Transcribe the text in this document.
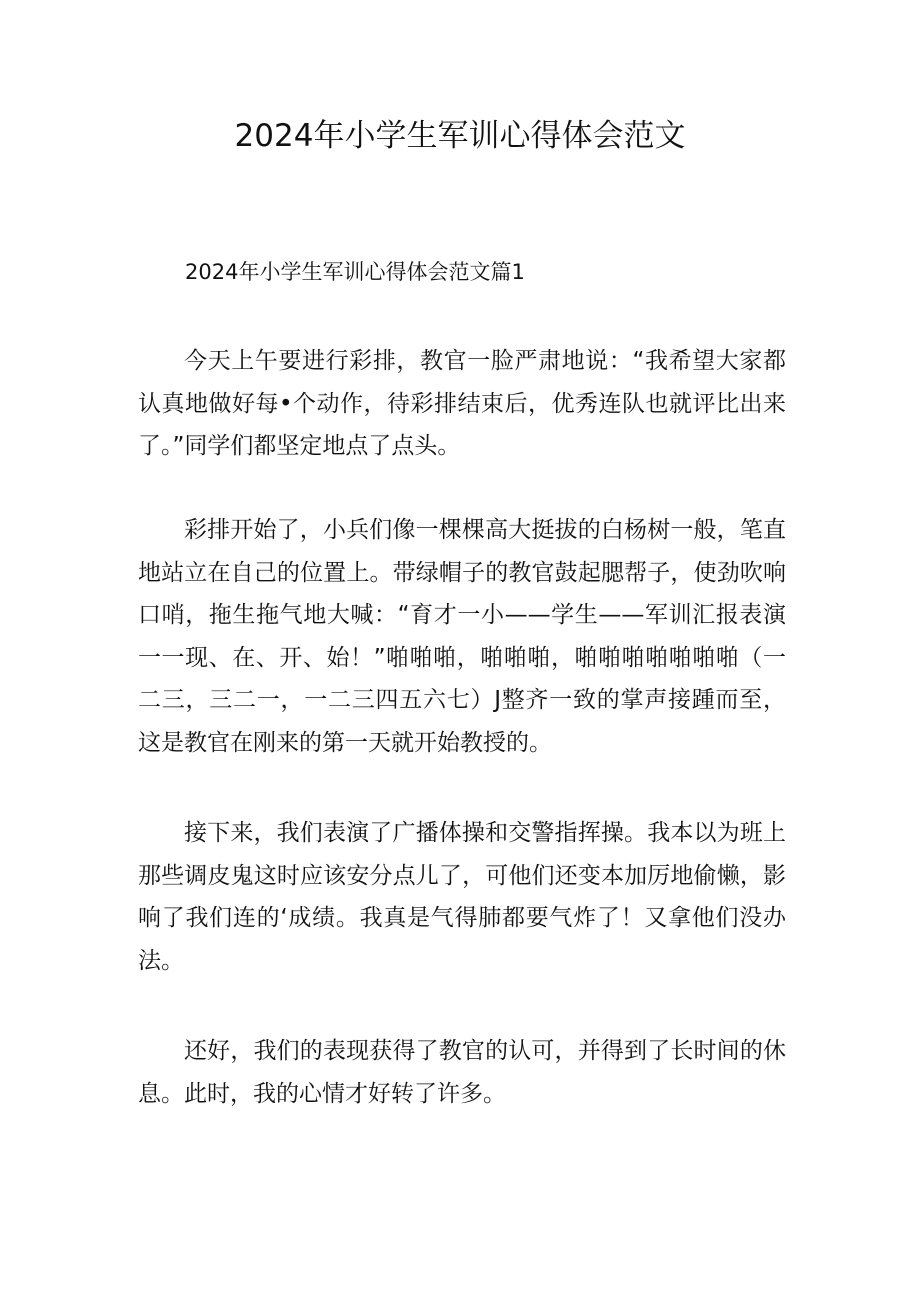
2024年小学生军训心得体会范文
2024年小学生军训心得体会范文篇1

今天上午要进行彩排，教官一脸严肃地说：“我希望大家都认真地做好每•个动作，待彩排结束后，优秀连队也就评比出来了。”同学们都坚定地点了点头。

彩排开始了，小兵们像一棵棵高大挺拔的白杨树一般，笔直地站立在自己的位置上。带绿帽子的教官鼓起腮帮子，使劲吹响口哨，拖生拖气地大喊：“育才一小——学生——军训汇报表演一一现、在、开、始！”啪啪啪，啪啪啪，啪啪啪啪啪啪啪（一二三，三二一，一二三四五六七）J整齐一致的掌声接踵而至，这是教官在刚来的第一天就开始教授的。

接下来，我们表演了广播体操和交警指挥操。我本以为班上那些调皮鬼这时应该安分点儿了，可他们还变本加厉地偷懒，影响了我们连的‘成绩。我真是气得肺都要气炸了！又拿他们没办法。

还好，我们的表现获得了教官的认可，并得到了长时间的休息。此时，我的心情才好转了许多。
